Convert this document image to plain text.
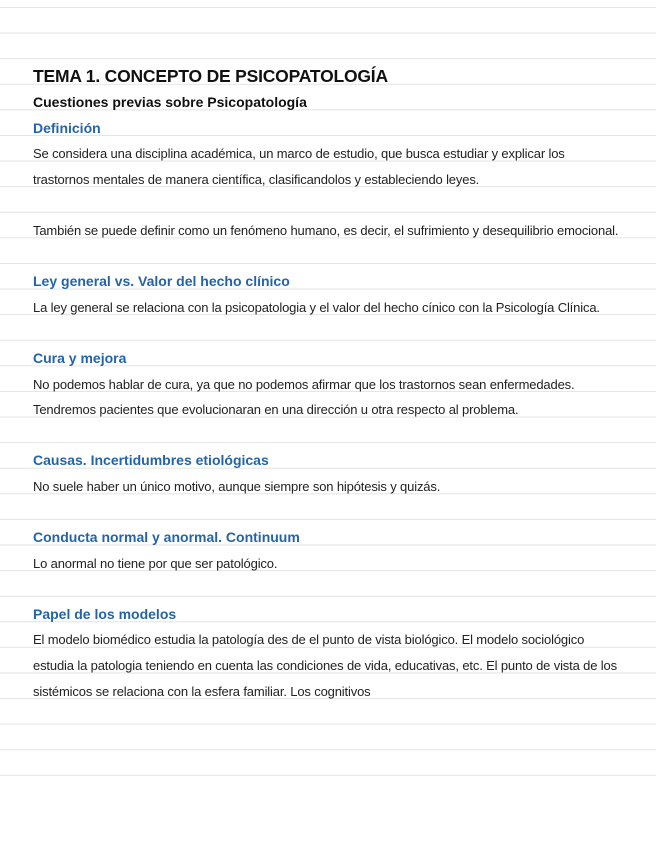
TEMA 1. CONCEPTO DE PSICOPATOLOGÍA
Cuestiones previas sobre Psicopatología
Definición

Se considera una disciplina académica, un marco de estudio, que busca estudiar y explicar los trastornos mentales de manera científica, clasificandolos y estableciendo leyes.

También se puede definir como un fenómeno humano, es decir, el sufrimiento y desequilibrio emocional.

Ley general vs. Valor del hecho clínico

La ley general se relaciona con la psicopatologia y el valor del hecho cínico con la Psicología Clínica.

Cura y mejora

No podemos hablar de cura, ya que no podemos afirmar que los trastornos sean enfermedades. Tendremos pacientes que evolucionaran en una dirección u otra respecto al problema.

Causas. Incertidumbres etiológicas

No suele haber un único motivo, aunque siempre son hipótesis y quizás.

Conducta normal y anormal. Continuum

Lo anormal no tiene por que ser patológico.

Papel de los modelos

El modelo biomédico estudia la patología des de el punto de vista biológico. El modelo sociológico estudia la patologia teniendo en cuenta las condiciones de vida, educativas, etc. El punto de vista de los sistémicos se relaciona con la esfera familiar. Los cognitivos
